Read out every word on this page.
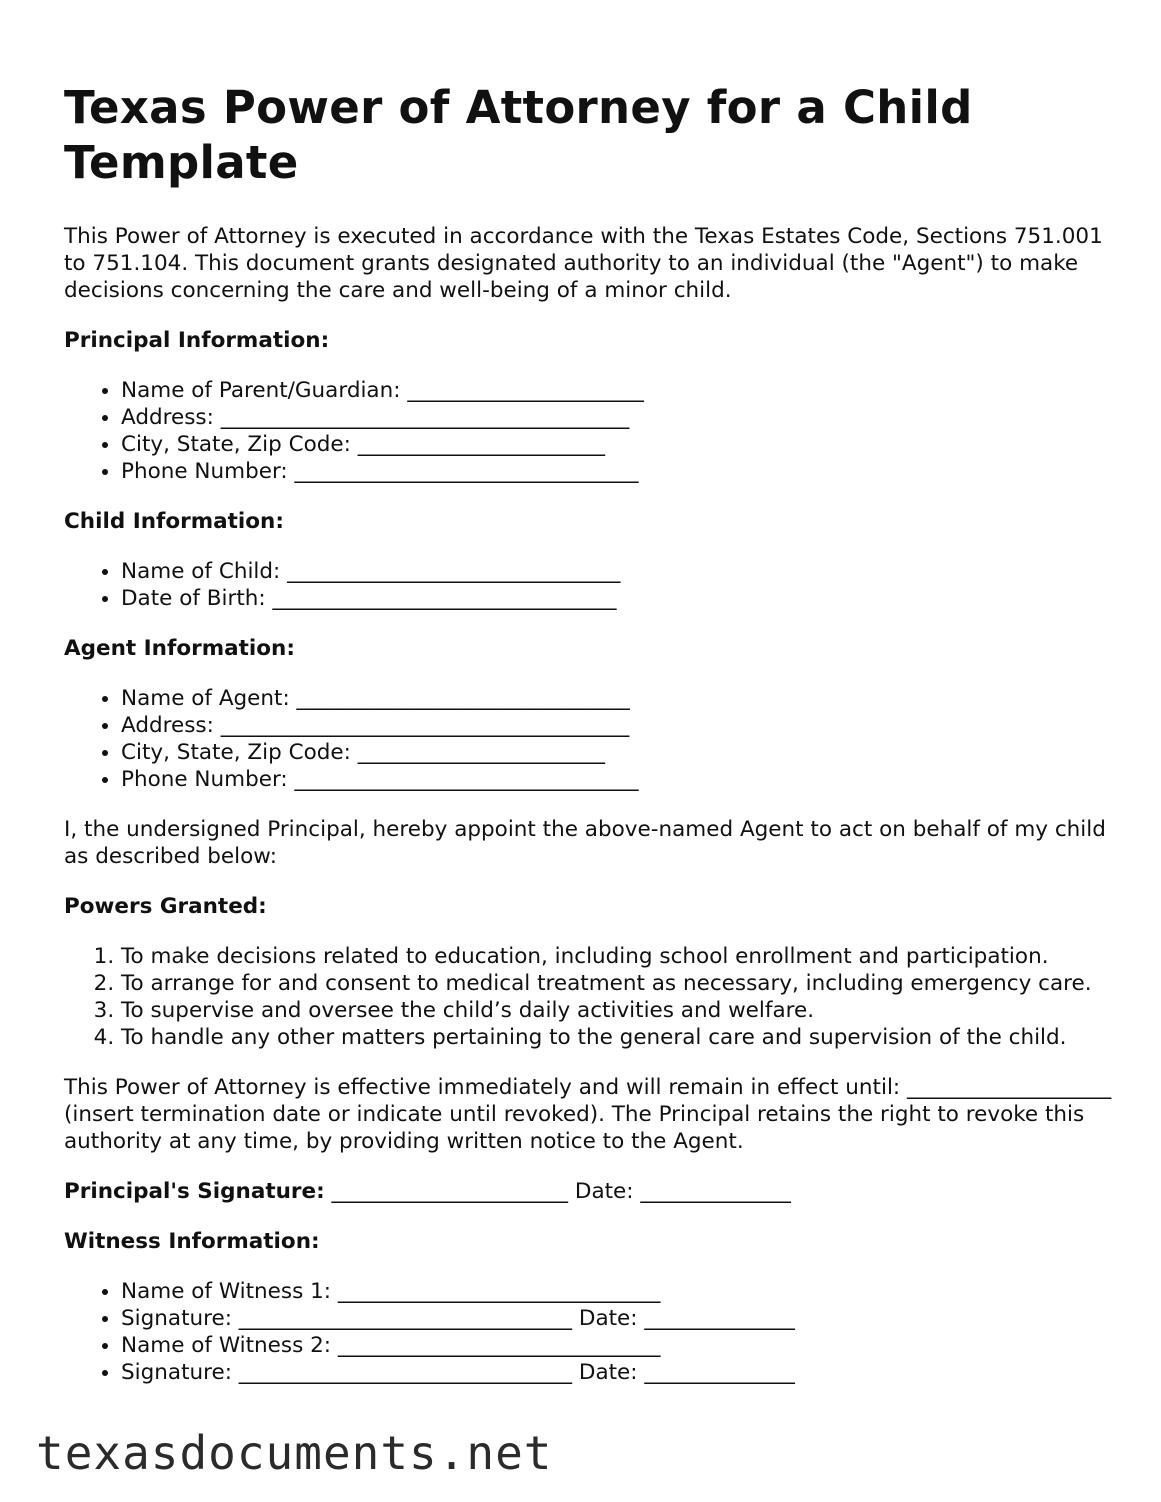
Texas Power of Attorney for a Child Template

This Power of Attorney is executed in accordance with the Texas Estates Code, Sections 751.001 to 751.104. This document grants designated authority to an individual (the "Agent") to make decisions concerning the care and well-being of a minor child.

Principal Information:
• Name of Parent/Guardian: ______________________
• Address: ______________________________________
• City, State, Zip Code: _______________________
• Phone Number: ________________________________
Child Information:
• Name of Child: _______________________________
• Date of Birth: ________________________________
Agent Information:
• Name of Agent: _______________________________
• Address: ______________________________________
• City, State, Zip Code: _______________________
• Phone Number: ________________________________

I, the undersigned Principal, hereby appoint the above-named Agent to act on behalf of my child as described below:

Powers Granted:
1. To make decisions related to education, including school enrollment and participation.
2. To arrange for and consent to medical treatment as necessary, including emergency care.
3. To supervise and oversee the child’s daily activities and welfare.
4. To handle any other matters pertaining to the general care and supervision of the child.

This Power of Attorney is effective immediately and will remain in effect until: ___________________ (insert termination date or indicate until revoked). The Principal retains the right to revoke this authority at any time, by providing written notice to the Agent.

Principal's Signature: ______________________ Date: ______________
Witness Information:
• Name of Witness 1: ______________________________
• Signature: _______________________________ Date: ______________
• Name of Witness 2: ______________________________
• Signature: _______________________________ Date: ______________
texasdocuments.net
